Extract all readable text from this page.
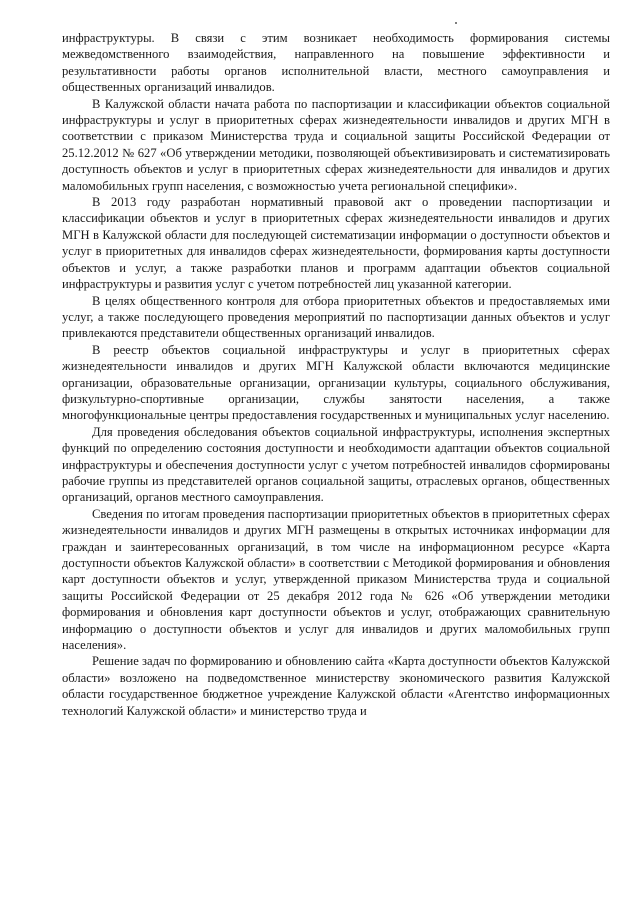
инфраструктуры. В связи с этим возникает необходимость формирования системы межведомственного взаимодействия, направленного на повышение эффективности и результативности работы органов исполнительной власти, местного самоуправления и общественных организаций инвалидов.

В Калужской области начата работа по паспортизации и классификации объектов социальной инфраструктуры и услуг в приоритетных сферах жизнедеятельности инвалидов и других МГН в соответствии с приказом Министерства труда и социальной защиты Российской Федерации от 25.12.2012 № 627 «Об утверждении методики, позволяющей объективизировать и систематизировать доступность объектов и услуг в приоритетных сферах жизнедеятельности для инвалидов и других маломобильных групп населения, с возможностью учета региональной специфики».

В 2013 году разработан нормативный правовой акт о проведении паспортизации и классификации объектов и услуг в приоритетных сферах жизнедеятельности инвалидов и других МГН в Калужской области для последующей систематизации информации о доступности объектов и услуг в приоритетных для инвалидов сферах жизнедеятельности, формирования карты доступности объектов и услуг, а также разработки планов и программ адаптации объектов социальной инфраструктуры и развития услуг с учетом потребностей лиц указанной категории.

В целях общественного контроля для отбора приоритетных объектов и предоставляемых ими услуг, а также последующего проведения мероприятий по паспортизации данных объектов и услуг привлекаются представители общественных организаций инвалидов.

В реестр объектов социальной инфраструктуры и услуг в приоритетных сферах жизнедеятельности инвалидов и других МГН Калужской области включаются медицинские организации, образовательные организации, организации культуры, социального обслуживания, физкультурно-спортивные организации, службы занятости населения, а также многофункциональные центры предоставления государственных и муниципальных услуг населению.

Для проведения обследования объектов социальной инфраструктуры, исполнения экспертных функций по определению состояния доступности и необходимости адаптации объектов социальной инфраструктуры и обеспечения доступности услуг с учетом потребностей инвалидов сформированы рабочие группы из представителей органов социальной защиты, отраслевых органов, общественных организаций, органов местного самоуправления.

Сведения по итогам проведения паспортизации приоритетных объектов в приоритетных сферах жизнедеятельности инвалидов и других МГН размещены в открытых источниках информации для граждан и заинтересованных организаций, в том числе на информационном ресурсе «Карта доступности объектов Калужской области» в соответствии с Методикой формирования и обновления карт доступности объектов и услуг, утвержденной приказом Министерства труда и социальной защиты Российской Федерации от 25 декабря 2012 года № 626 «Об утверждении методики формирования и обновления карт доступности объектов и услуг, отображающих сравнительную информацию о доступности объектов и услуг для инвалидов и других маломобильных групп населения».

Решение задач по формированию и обновлению сайта «Карта доступности объектов Калужской области» возложено на подведомственное министерству экономического развития Калужской области государственное бюджетное учреждение Калужской области «Агентство информационных технологий Калужской области» и министерство труда и
